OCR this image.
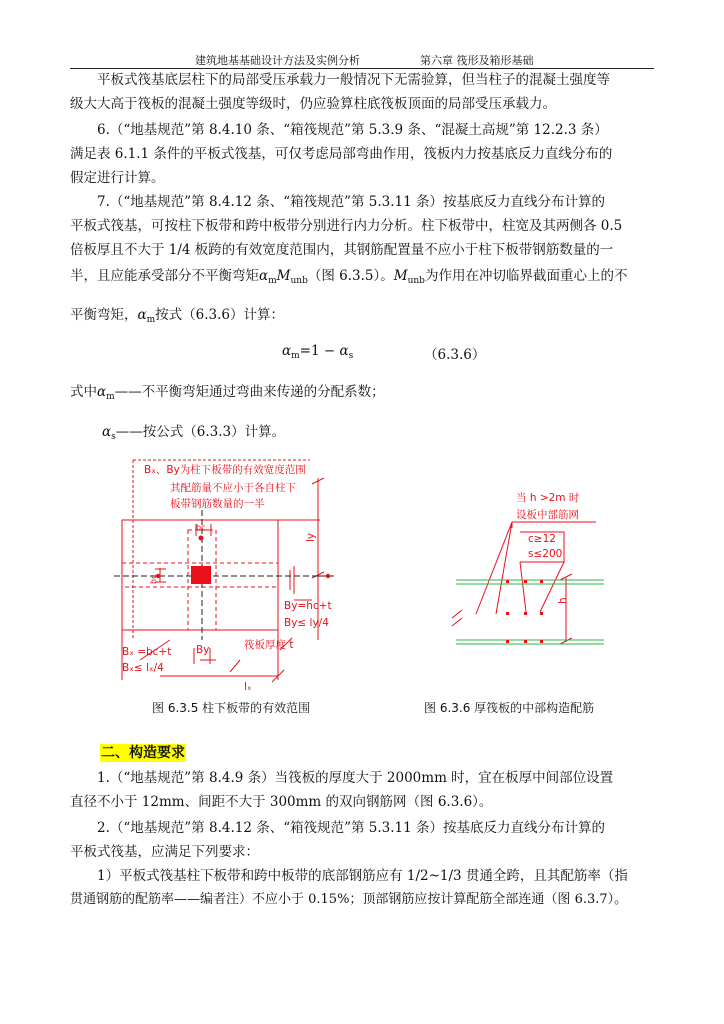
建筑地基基础设计方法及实例分析	第六章 筏形及箱形基础

平板式筏基底层柱下的局部受压承载力一般情况下无需验算，但当柱子的混凝土强度等

级大大高于筏板的混凝土强度等级时，仍应验算柱底筏板顶面的局部受压承载力。

6.（“地基规范”第 8.4.10 条、“箱筏规范”第 5.3.9 条、“混凝土高规”第 12.2.3 条）

满足表 6.1.1 条件的平板式筏基，可仅考虑局部弯曲作用，筏板内力按基底反力直线分布的

假定进行计算。

7.（“地基规范”第 8.4.12 条、“箱筏规范”第 5.3.11 条）按基底反力直线分布计算的

平板式筏基，可按柱下板带和跨中板带分别进行内力分析。柱下板带中，柱宽及其两侧各 0.5

倍板厚且不大于 1/4 板跨的有效宽度范围内，其钢筋配置量不应小于柱下板带钢筋数量的一

半，且应能承受部分不平衡弯矩$\alpha_mM_{unb}$（图 6.3.5）。$M_{unb}$为作用在冲切临界截面重心上的不

平衡弯矩，$\alpha_m$按式（6.3.6）计算：

$\alpha_m=1 - \alpha_s$	（6.3.6）

式中$\alpha_m——$不平衡弯矩通过弯曲来传递的分配系数；

$\alpha_s——$按公式（6.3.3）计算。

Bₓ、By为柱下板带的有效宽度范围
其配筋量不应小于各自柱下
板带钢筋数量的一半
By=hc+t
By≤ ly/4
筏板厚度 t
Bₓ =bc+t
Bₓ≤ lₓ/4
By
lₓ
ly
bc
hc
当 h >2m 时
设板中部筋网
c≥12
s≤200
h
图 6.3.5 柱下板带的有效范围	图 6.3.6 厚筏板的中部构造配筋
二、构造要求

1.（“地基规范”第 8.4.9 条）当筏板的厚度大于 2000mm 时，宜在板厚中间部位设置

直径不小于 12mm、间距不大于 300mm 的双向钢筋网（图 6.3.6）。

2.（“地基规范”第 8.4.12 条、“箱筏规范”第 5.3.11 条）按基底反力直线分布计算的

平板式筏基，应满足下列要求：

1）平板式筏基柱下板带和跨中板带的底部钢筋应有 1/2~1/3 贯通全跨，且其配筋率（指

贯通钢筋的配筋率——编者注）不应小于 0.15%；顶部钢筋应按计算配筋全部连通（图 6.3.7）。
